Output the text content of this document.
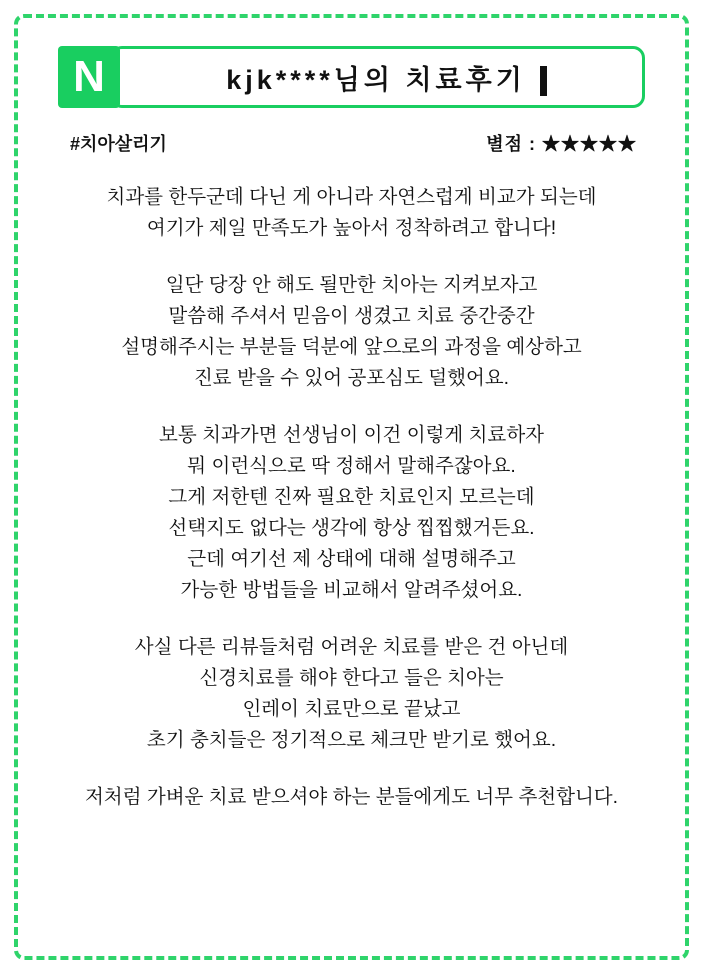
N	kjk****님의 치료후기
#치아살리기	별점 : ★★★★★

치과를 한두군데 다닌 게 아니라 자연스럽게 비교가 되는데
여기가 제일 만족도가 높아서 정착하려고 합니다!

일단 당장 안 해도 될만한 치아는 지켜보자고
말씀해 주셔서 믿음이 생겼고 치료 중간중간
설명해주시는 부분들 덕분에 앞으로의 과정을 예상하고
진료 받을 수 있어 공포심도 덜했어요.

보통 치과가면 선생님이 이건 이렇게 치료하자
뭐 이런식으로 딱 정해서 말해주잖아요.
그게 저한텐 진짜 필요한 치료인지 모르는데
선택지도 없다는 생각에 항상 찝찝했거든요.
근데 여기선 제 상태에 대해 설명해주고
가능한 방법들을 비교해서 알려주셨어요.

사실 다른 리뷰들처럼 어려운 치료를 받은 건 아닌데
신경치료를 해야 한다고 들은 치아는
인레이 치료만으로 끝났고
초기 충치들은 정기적으로 체크만 받기로 했어요.

저처럼 가벼운 치료 받으셔야 하는 분들에게도 너무 추천합니다.
